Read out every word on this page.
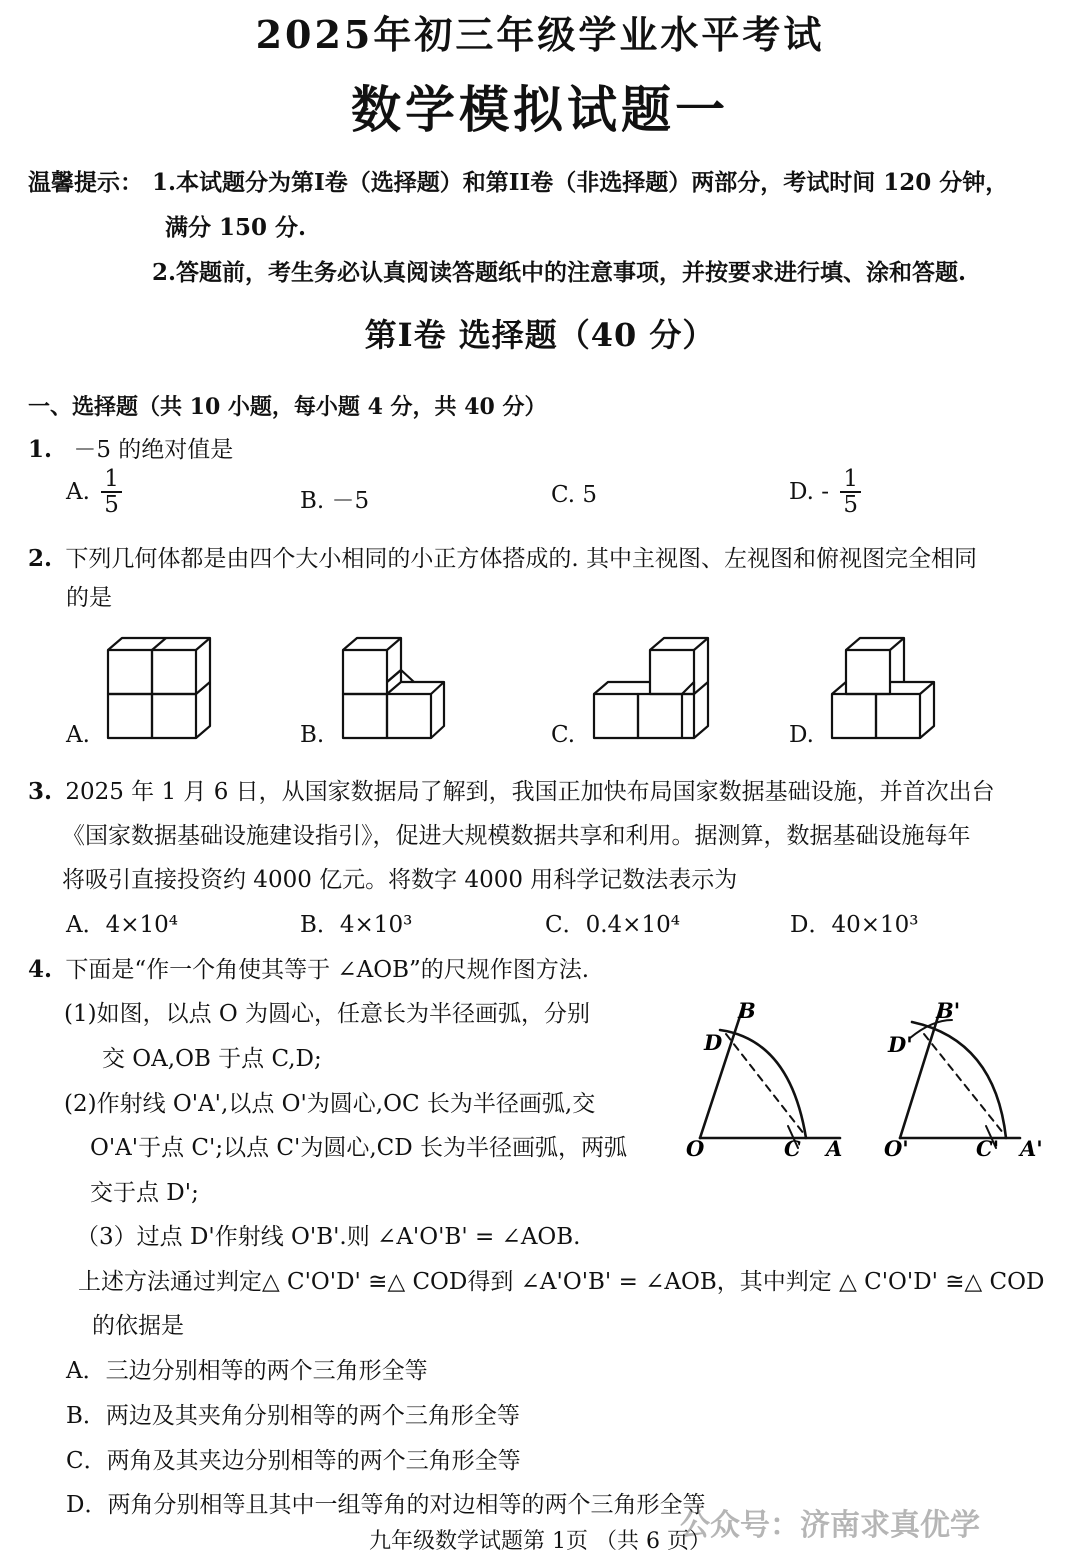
2025年初三年级学业水平考试
数学模拟试题一
温馨提示： 1.本试题分为第I卷（选择题）和第II卷（非选择题）两部分，考试时间 120 分钟，
满分 150 分.
2.答题前，考生务必认真阅读答题纸中的注意事项，并按要求进行填、涂和答题.
第I卷 选择题（40 分）
一、选择题（共 10 小题，每小题 4 分，共 40 分）
1. －5 的绝对值是
A. $\frac{1}{5}$	B. －5	C. 5	D. - $\frac{1}{5}$
2. 下列几何体都是由四个大小相同的小正方体搭成的. 其中主视图、左视图和俯视图完全相同
的是
A.	B.	C.	D.
3. 2025 年 1 月 6 日，从国家数据局了解到，我国正加快布局国家数据基础设施，并首次出台
《国家数据基础设施建设指引》，促进大规模数据共享和利用。据测算，数据基础设施每年
将吸引直接投资约 4000 亿元。将数字 4000 用科学记数法表示为
A．4×10⁴	B．4×10³	C．0.4×10⁴	D．40×10³
4. 下面是“作一个角使其等于 ∠AOB”的尺规作图方法.
(1)如图，以点 O 为圆心，任意长为半径画弧，分别
交 OA,OB 于点 C,D;
(2)作射线 O'A',以点 O'为圆心,OC 长为半径画弧,交
O'A'于点 C';以点 C'为圆心,CD 长为半径画弧，两弧
交于点 D';
（3）过点 D'作射线 O'B'.则 ∠A'O'B' = ∠AOB.
上述方法通过判定△ C'O'D' ≅△ COD得到 ∠A'O'B' = ∠AOB，其中判定 △ C'O'D' ≅△ COD
的依据是
B
D
O	C A
B'
D'
O'	C' A'
A．三边分别相等的两个三角形全等
B．两边及其夹角分别相等的两个三角形全等
C．两角及其夹边分别相等的两个三角形全等
D．两角分别相等且其中一组等角的对边相等的两个三角形全等
公众号：济南求真优学
九年级数学试题第 1页 （共 6 页）
